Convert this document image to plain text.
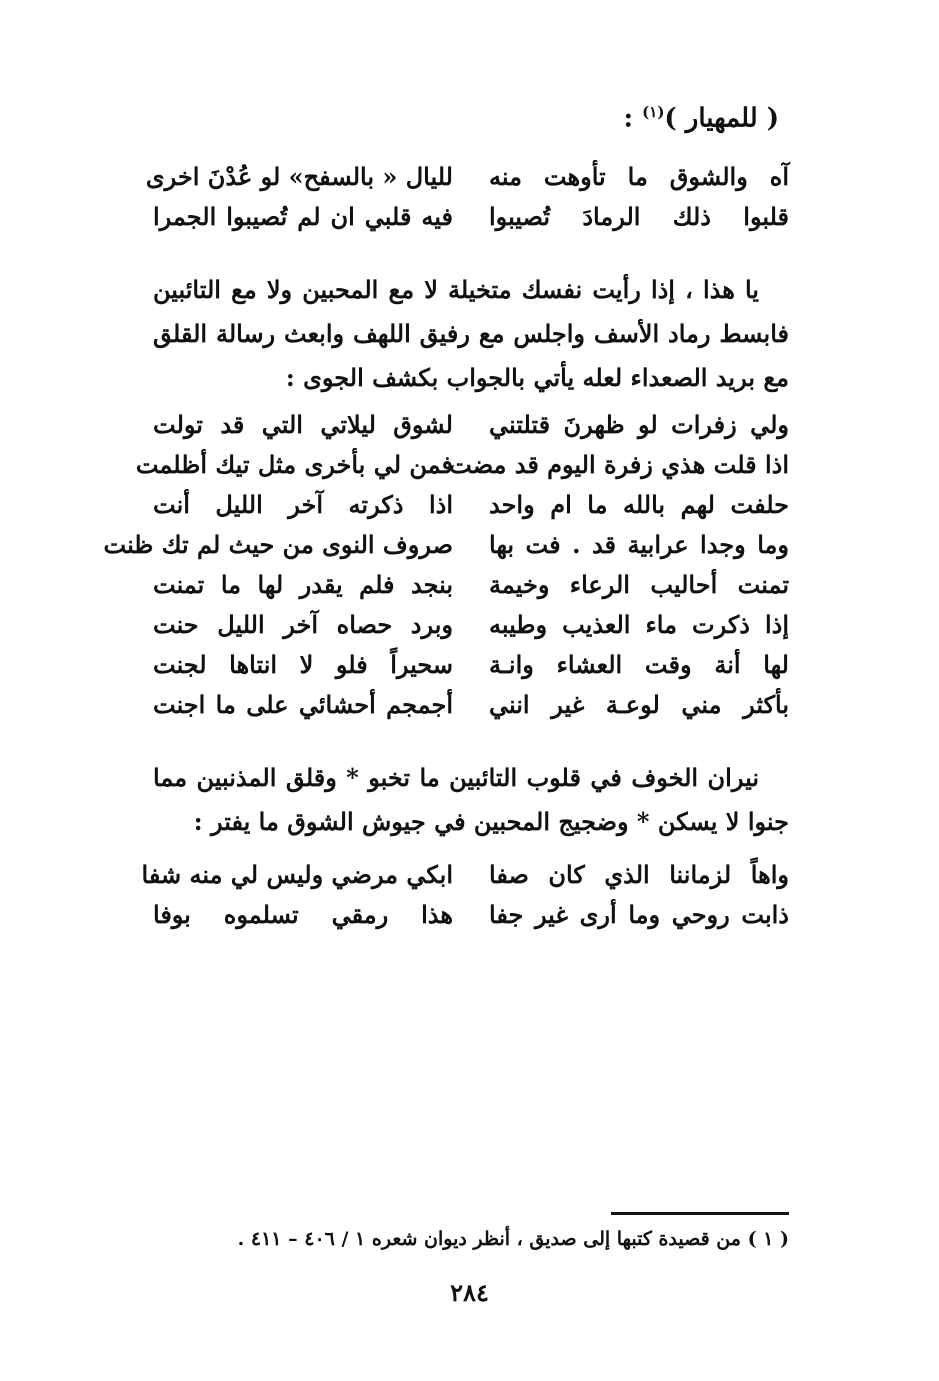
( للمهيار )$^{(١)}$ :
آه والشوق ما تأوهت منه
لليال « بالسفح» لو عُدْنَ اخرى
قلبوا ذلك الرمادَ تُصيبوا
فيه قلبي ان لم تُصيبوا الجمرا

يا هذا ، إذا رأيت نفسك متخيلة لا مع المحبين ولا مع التائبين فابسط رماد الأسف واجلس مع رفيق اللهف وابعث رسالة القلق مع بريد الصعداء لعله يأتي بالجواب بكشف الجوى :

ولي زفرات لو ظهرنَ قتلتني
لشوق ليلاتي التي قد تولت
اذا قلت هذي زفرة اليوم قد مضت
فمن لي بأخرى مثل تيك أظلمت
حلفت لهم بالله ما ام واحد
اذا ذكرته آخر الليل أنت
وما وجدا عرابية قد . فت بها
صروف النوى من حيث لم تك ظنت
تمنت أحاليب الرعاء وخيمة
بنجد فلم يقدر لها ما تمنت
إذا ذكرت ماء العذيب وطيبه
وبرد حصاه آخر الليل حنت
لها أنة وقت العشاء وانـة
سحيراً فلو لا انتاها لجنت
بأكثر مني لوعـة غير انني
أجمجم أحشائي على ما اجنت

نيران الخوف في قلوب التائبين ما تخبو * وقلق المذنبين مما جنوا لا يسكن * وضجيج المحبين في جيوش الشوق ما يفتر :

واهاً لزماننا الذي كان صفا
ابكي مرضي وليس لي منه شفا
ذابت روحي وما أرى غير جفا
هذا رمقي تسلموه بوفا
( ١ ) من قصيدة كتبها إلى صديق ، أنظر ديوان شعره ١ / ٤٠٦ – ٤١١ .
٢٨٤
